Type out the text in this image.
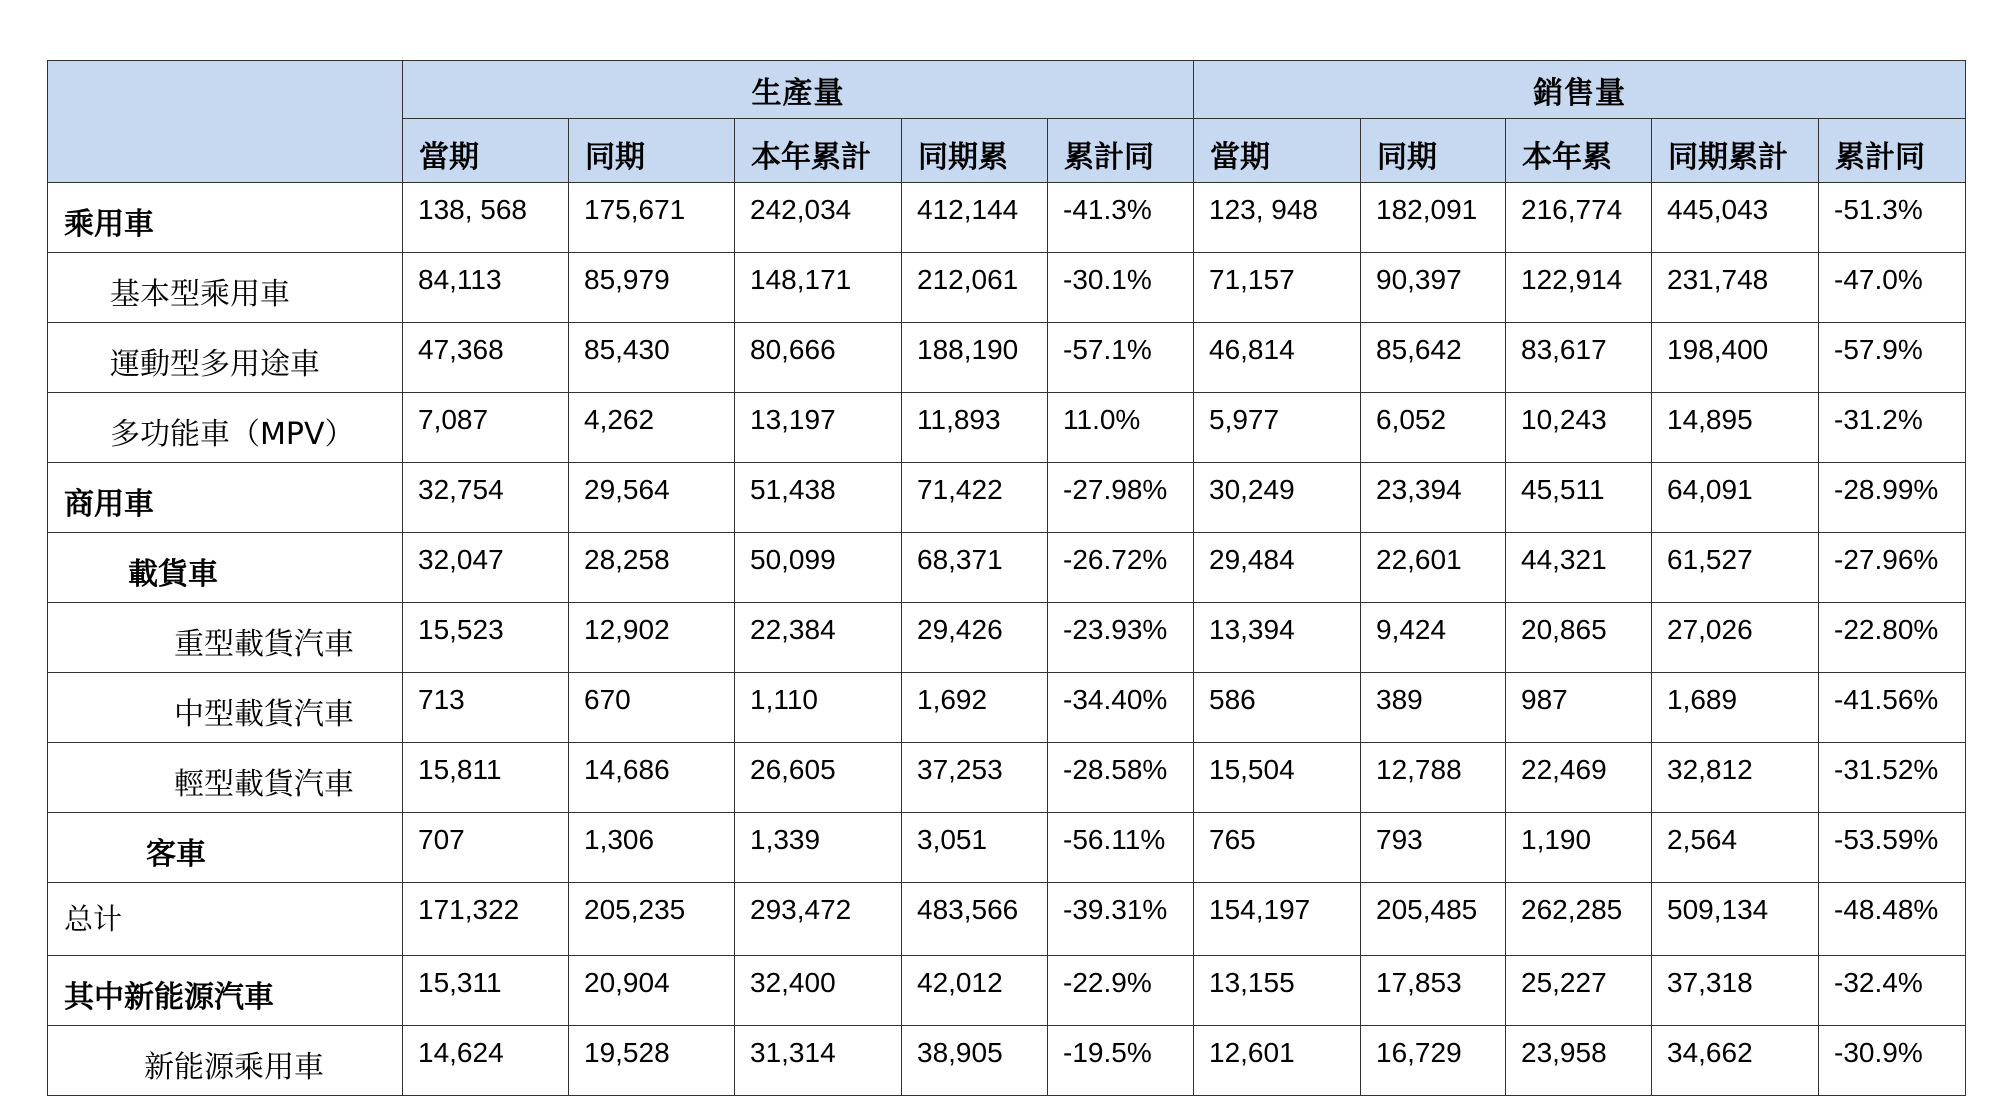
	生產量					銷售量				
	當期	同期	本年累計	同期累	累計同	當期	同期	本年累	同期累計	累計同
乘用車	138, 568	175,671	242,034	412,144	-41.3%	123, 948	182,091	216,774	445,043	-51.3%
基本型乘用車	84,113	85,979	148,171	212,061	-30.1%	71,157	90,397	122,914	231,748	-47.0%
運動型多用途車	47,368	85,430	80,666	188,190	-57.1%	46,814	85,642	83,617	198,400	-57.9%
多功能車（MPV）	7,087	4,262	13,197	11,893	11.0%	5,977	6,052	10,243	14,895	-31.2%
商用車	32,754	29,564	51,438	71,422	-27.98%	30,249	23,394	45,511	64,091	-28.99%
載貨車	32,047	28,258	50,099	68,371	-26.72%	29,484	22,601	44,321	61,527	-27.96%
重型載貨汽車	15,523	12,902	22,384	29,426	-23.93%	13,394	9,424	20,865	27,026	-22.80%
中型載貨汽車	713	670	1,110	1,692	-34.40%	586	389	987	1,689	-41.56%
輕型載貨汽車	15,811	14,686	26,605	37,253	-28.58%	15,504	12,788	22,469	32,812	-31.52%
客車	707	1,306	1,339	3,051	-56.11%	765	793	1,190	2,564	-53.59%
总计	171,322	205,235	293,472	483,566	-39.31%	154,197	205,485	262,285	509,134	-48.48%
其中新能源汽車	15,311	20,904	32,400	42,012	-22.9%	13,155	17,853	25,227	37,318	-32.4%
新能源乘用車	14,624	19,528	31,314	38,905	-19.5%	12,601	16,729	23,958	34,662	-30.9%
